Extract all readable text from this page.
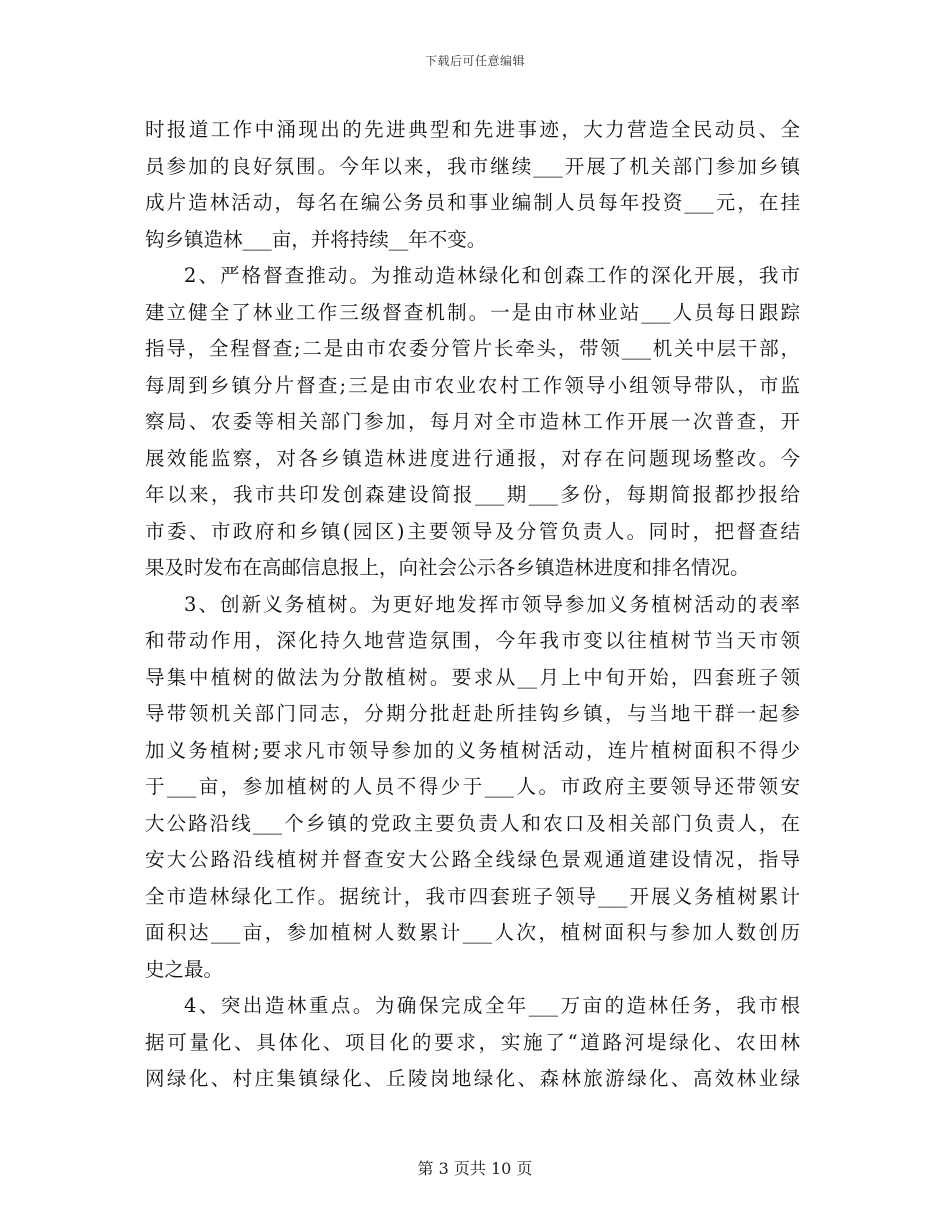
下载后可任意编辑
时报道工作中涌现出的先进典型和先进事迹，大力营造全民动员、全
员参加的良好氛围。今年以来，我市继续___开展了机关部门参加乡镇
成片造林活动，每名在编公务员和事业编制人员每年投资___元，在挂
钩乡镇造林___亩，并将持续__年不变。
2、严格督查推动。为推动造林绿化和创森工作的深化开展，我市
建立健全了林业工作三级督查机制。一是由市林业站___人员每日跟踪
指导，全程督查;二是由市农委分管片长牵头，带领___机关中层干部，
每周到乡镇分片督查;三是由市农业农村工作领导小组领导带队，市监
察局、农委等相关部门参加，每月对全市造林工作开展一次普查，开
展效能监察，对各乡镇造林进度进行通报，对存在问题现场整改。今
年以来，我市共印发创森建设简报___期___多份，每期简报都抄报给
市委、市政府和乡镇(园区)主要领导及分管负责人。同时，把督查结
果及时发布在高邮信息报上，向社会公示各乡镇造林进度和排名情况。
3、创新义务植树。为更好地发挥市领导参加义务植树活动的表率
和带动作用，深化持久地营造氛围，今年我市变以往植树节当天市领
导集中植树的做法为分散植树。要求从__月上中旬开始，四套班子领
导带领机关部门同志，分期分批赶赴所挂钩乡镇，与当地干群一起参
加义务植树;要求凡市领导参加的义务植树活动，连片植树面积不得少
于___亩，参加植树的人员不得少于___人。市政府主要领导还带领安
大公路沿线___个乡镇的党政主要负责人和农口及相关部门负责人，在
安大公路沿线植树并督查安大公路全线绿色景观通道建设情况，指导
全市造林绿化工作。据统计，我市四套班子领导___开展义务植树累计
面积达___亩，参加植树人数累计___人次，植树面积与参加人数创历
史之最。
4、突出造林重点。为确保完成全年___万亩的造林任务，我市根
据可量化、具体化、项目化的要求，实施了“道路河堤绿化、农田林
网绿化、村庄集镇绿化、丘陵岗地绿化、森林旅游绿化、高效林业绿
第 3 页共 10 页
